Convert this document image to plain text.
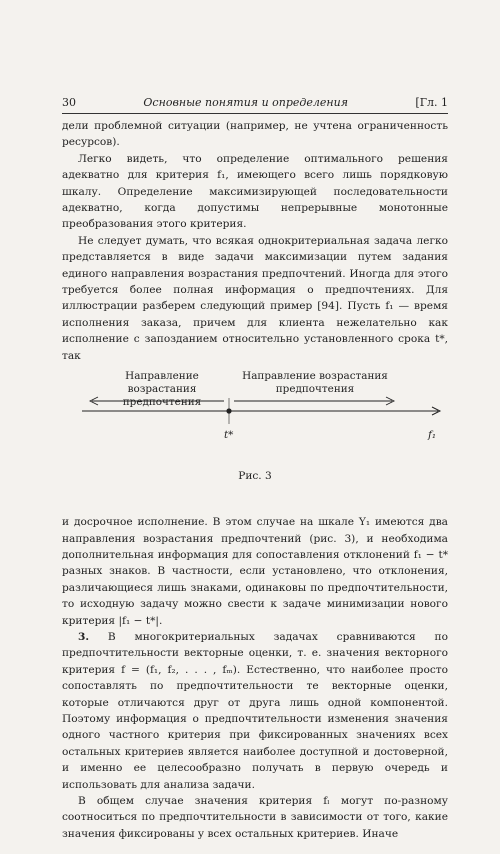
30	Основные понятия и определения	[Гл. 1

дели проблемной ситуации (например, не учтена ограниченность ресурсов).

Легко видеть, что определение оптимального решения адекватно для критерия f₁, имеющего всего лишь порядковую шкалу. Определение максимизирующей последовательности адекватно, когда допустимы непрерывные монотонные преобразования этого критерия.

Не следует думать, что всякая однокритериальная задача легко представляется в виде задачи максимизации путем задания единого направления возрастания предпочтений. Иногда для этого требуется более полная информация о предпочтениях. Для иллюстрации разберем следующий пример [94]. Пусть f₁ — время исполнения заказа, причем для клиента нежелательно как исполнение с запозданием относительно установленного срока t*, так

Направление возрастания предпочтения
Направление возрастания предпочтения
t*	f₁
Рис. 3

и досрочное исполнение. В этом случае на шкале Y₁ имеются два направления возрастания предпочтений (рис. 3), и необходима дополнительная информация для сопоставления отклонений f₁ − t* разных знаков. В частности, если установлено, что отклонения, различающиеся лишь знаками, одинаковы по предпочтительности, то исходную задачу можно свести к задаче минимизации нового критерия |f₁ − t*|.

3. В многокритериальных задачах сравниваются по предпочтительности векторные оценки, т. е. значения векторного критерия f = (f₁, f₂, . . . , fₘ). Естественно, что наиболее просто сопоставлять по предпочтительности те векторные оценки, которые отличаются друг от друга лишь одной компонентой. Поэтому информация о предпочтительности изменения значения одного частного критерия при фиксированных значениях всех остальных критериев является наиболее доступной и достоверной, и именно ее целесообразно получать в первую очередь и использовать для анализа задачи.

В общем случае значения критерия fₗ могут по-разному соотноситься по предпочтительности в зависимости от того, какие значения фиксированы у всех остальных критериев. Иначе
